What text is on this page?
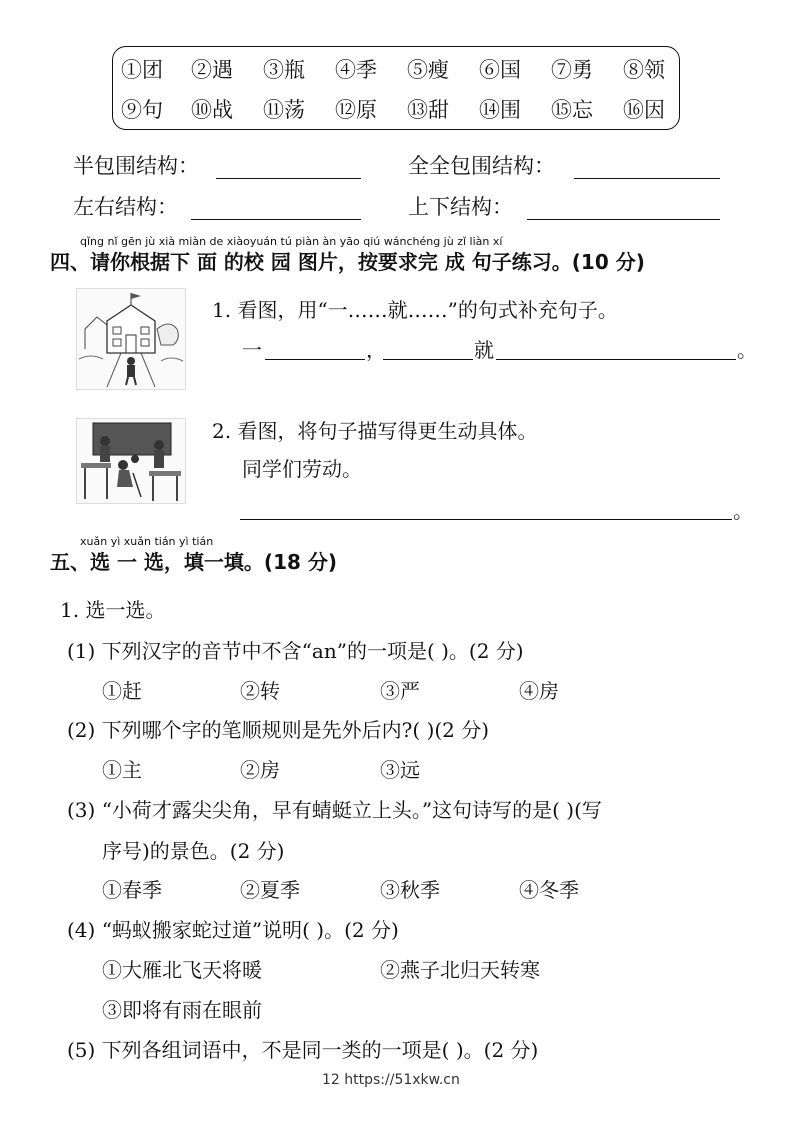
①团 ②遇 ③瓶 ④季 ⑤瘦 ⑥国 ⑦勇 ⑧领
⑨句 ⑩战 ⑪荡 ⑫原 ⑬甜 ⑭围 ⑮忘 ⑯因
半包围结构：	全全包围结构：
左右结构：	上下结构：
qǐng nǐ gēn jù xià miàn de xiàoyuán tú piàn àn yāo qiú wánchéng jù zǐ liàn xí
四、请你根据下 面 的校 园 图片，按要求完 成 句子练习。(10 分)
1. 看图，用“一……就……”的句式补充句子。
一	，	就	。
2. 看图，将句子描写得更生动具体。
同学们劳动。
。
xuǎn yì xuǎn tián yì tián
五、选 一 选，填一填。(18 分)
1. 选一选。
(1) 下列汉字的音节中不含“an”的一项是( )。(2 分)
①赶	②转	③严	④房
(2) 下列哪个字的笔顺规则是先外后内?( )(2 分)
①主	②房	③远
(3) “小荷才露尖尖角，早有蜻蜓立上头。”这句诗写的是( )(写
序号)的景色。(2 分)
①春季	②夏季	③秋季	④冬季
(4) “蚂蚁搬家蛇过道”说明( )。(2 分)
①大雁北飞天将暖	②燕子北归天转寒
③即将有雨在眼前
(5) 下列各组词语中，不是同一类的一项是( )。(2 分)
12 https://51xkw.cn
